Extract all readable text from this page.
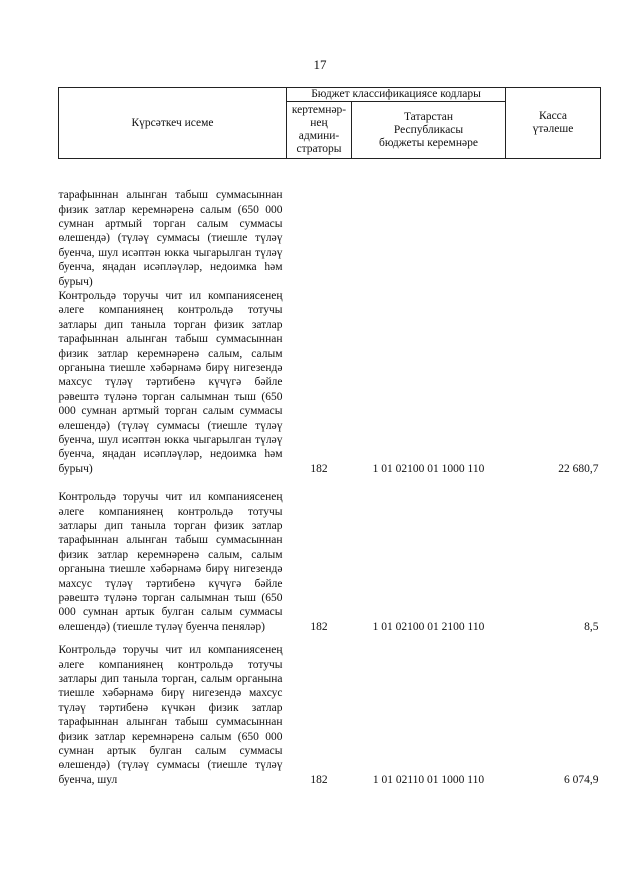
17
Күрсәткеч исеме	Бюджет классификациясе кодлары		Касса
үтәлеше
	кертемнәр-
нең
админи-
страторы	Татарстан
Республикасы
бюджеты керемнәре	
тарафыннан алынган табыш суммасыннан физик затлар керемнәренә салым (650 000 сумнан артмый торган салым суммасы өлешендә) (түләү суммасы (тиешле түләү буенча, шул исәптән юкка чыгарылган түләү буенча, яңадан исәпләүләр, недоимка һәм бурыч)			
Контрольдә торучы чит ил компаниясенең әлеге компаниянең контрольдә тотучы затлары дип таныла торган физик затлар тарафыннан алынган табыш суммасыннан физик затлар керемнәренә салым, салым органына тиешле хәбәрнамә бирү нигезендә махсус түләү тәртибенә күчүгә бәйле рәвештә түләнә торган салымнан тыш (650 000 сумнан артмый торган салым суммасы өлешендә) (түләү суммасы (тиешле түләү буенча, шул исәптән юкка чыгарылган түләү буенча, яңадан исәпләүләр, недоимка һәм бурыч)	182	1 01 02100 01 1000 110	22 680,7
Контрольдә торучы чит ил компаниясенең әлеге компаниянең контрольдә тотучы затлары дип таныла торган физик затлар тарафыннан алынган табыш суммасыннан физик затлар керемнәренә салым, салым органына тиешле хәбәрнамә бирү нигезендә махсус түләү тәртибенә күчүгә бәйле рәвештә түләнә торган салымнан тыш (650 000 сумнан артык булган салым суммасы өлешендә) (тиешле түләү буенча пеняләр)	182	1 01 02100 01 2100 110	8,5
Контрольдә торучы чит ил компаниясенең әлеге компаниянең контрольдә тотучы затлары дип таныла торган, салым органына тиешле хәбәрнамә бирү нигезендә махсус түләү тәртибенә күчкән физик затлар тарафыннан алынган табыш суммасыннан физик затлар керемнәренә салым (650 000 сумнан артык булган салым суммасы өлешендә) (түләү суммасы (тиешле түләү буенча, шул	182	1 01 02110 01 1000 110	6 074,9
